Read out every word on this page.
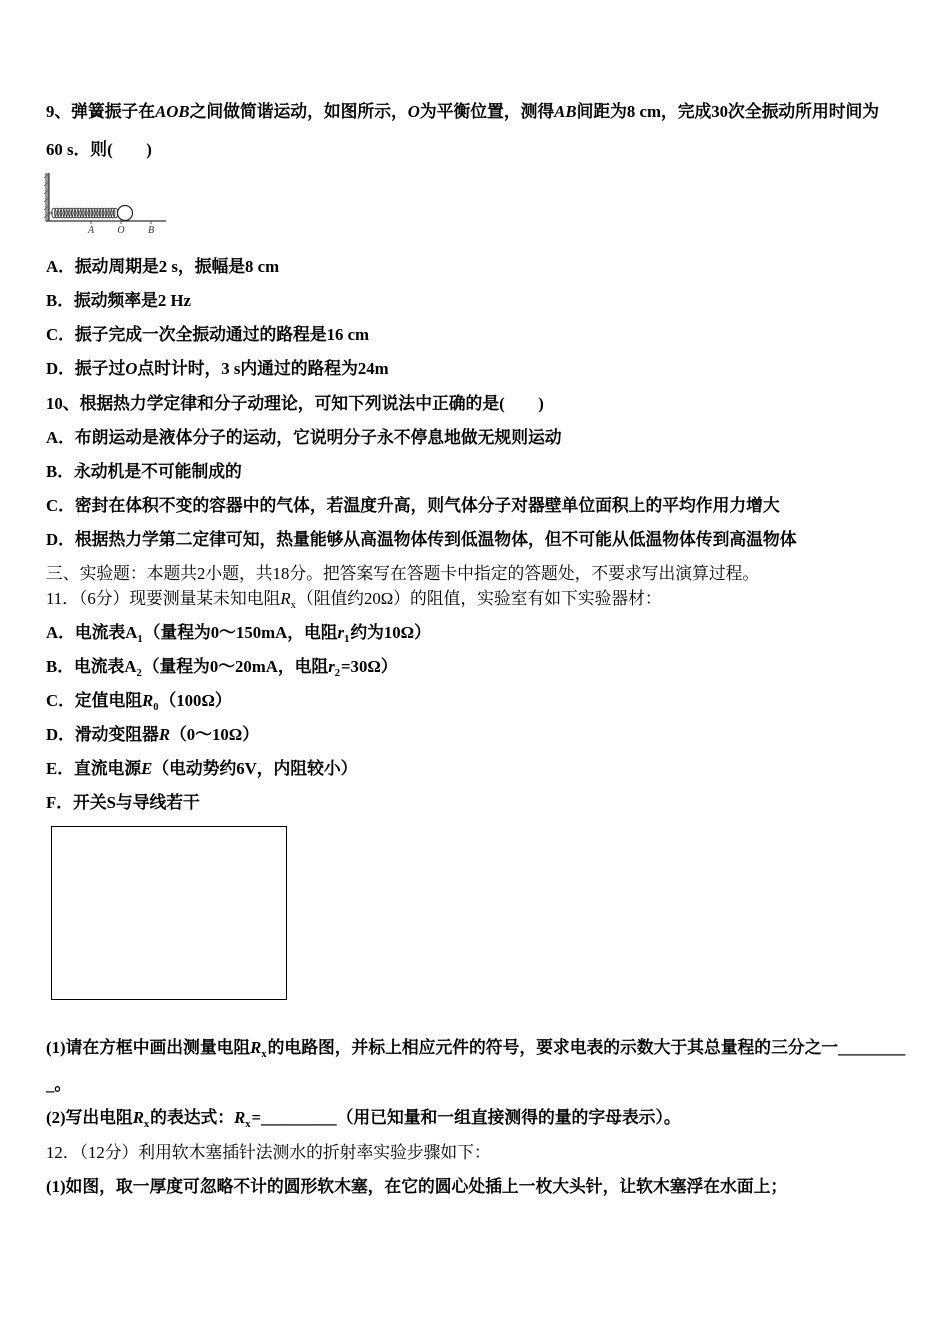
9、弹簧振子在AOB之间做简谐运动，如图所示，O为平衡位置，测得AB间距为8 cm，完成30次全振动所用时间为
60 s．则(　　)
A O B
A．振动周期是2 s，振幅是8 cm
B．振动频率是2 Hz
C．振子完成一次全振动通过的路程是16 cm
D．振子过O点时计时，3 s内通过的路程为24m
10、根据热力学定律和分子动理论，可知下列说法中正确的是(　　)
A．布朗运动是液体分子的运动，它说明分子永不停息地做无规则运动
B．永动机是不可能制成的
C．密封在体积不变的容器中的气体，若温度升高，则气体分子对器壁单位面积上的平均作用力增大
D．根据热力学第二定律可知，热量能够从高温物体传到低温物体，但不可能从低温物体传到高温物体
三、实验题：本题共2小题，共18分。把答案写在答题卡中指定的答题处，不要求写出演算过程。
11．（6分）现要测量某未知电阻$R_x$（阻值约20Ω）的阻值，实验室有如下实验器材：
A．电流表$A_1$（量程为0～150mA，电阻$r_1$约为10Ω）
B．电流表$A_2$（量程为0～20mA，电阻$r_2=30\Omega$）
C．定值电阻$R_0(100\Omega)$
D．滑动变阻器R（0～10Ω）
E．直流电源E（电动势约6V，内阻较小）
F．开关S与导线若干
(1)请在方框中画出测量电阻$R_x$的电路图，并标上相应元件的符号，要求电表的示数大于其总量程的三分之一________
_。
(2)写出电阻$R_x$的表达式：$R_x=\_\_\_\_\_\_\_\_\_$（用已知量和一组直接测得的量的字母表示）。
12．（12分）利用软木塞插针法测水的折射率实验步骤如下：
(1)如图，取一厚度可忽略不计的圆形软木塞，在它的圆心处插上一枚大头针，让软木塞浮在水面上；
